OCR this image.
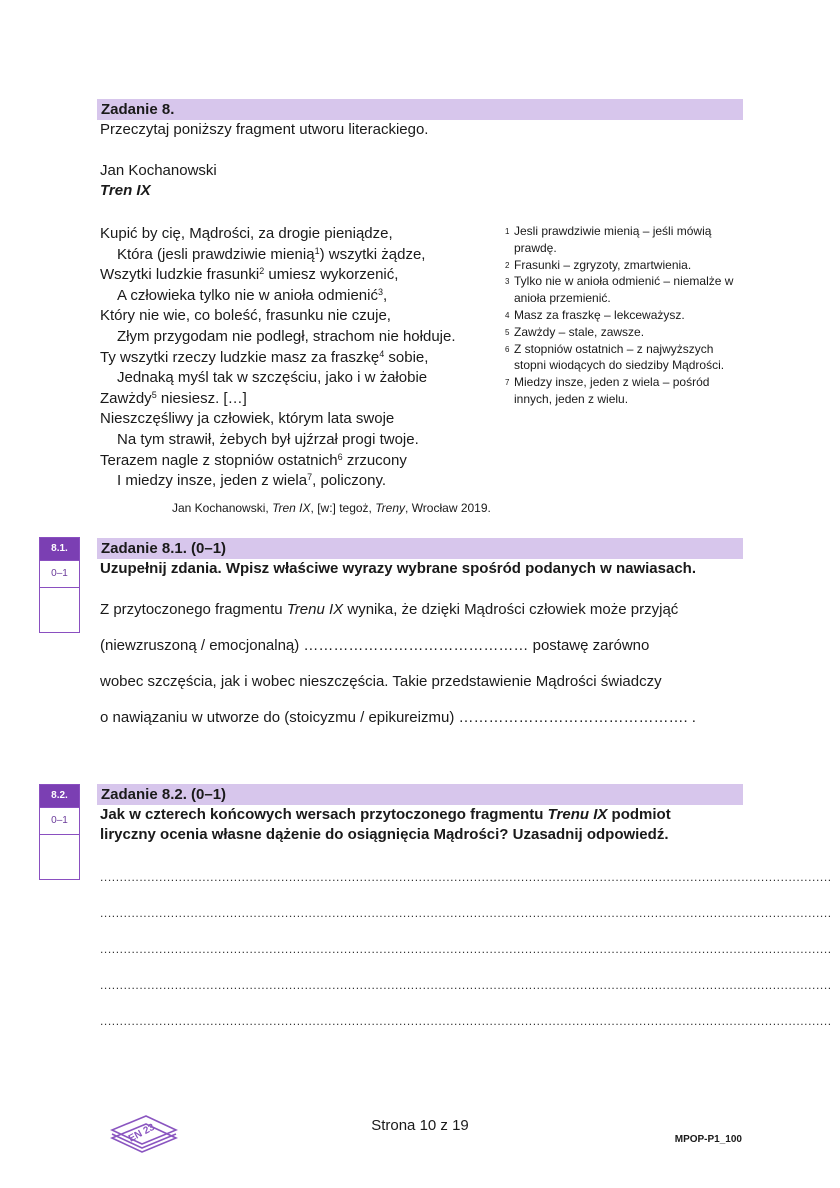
Zadanie 8.
Przeczytaj poniższy fragment utworu literackiego.
Jan Kochanowski
Tren IX
Kupić by cię, Mądrości, za drogie pieniądze,
Która (jesli prawdziwie mienią$^1$) wszytki żądze,
Wszytki ludzkie frasunki$^2$ umiesz wykorzenić,
A człowieka tylko nie w anioła odmienić$^3$,
Który nie wie, co boleść, frasunku nie czuje,
Złym przygodam nie podległ, strachom nie hołduje.
Ty wszytki rzeczy ludzkie masz za fraszkę$^4$ sobie,
Jednaką myśl tak w szczęściu, jako i w żałobie
Zawżdy$^5$ niesiesz. […]
Nieszczęśliwy ja człowiek, którym lata swoje
Na tym strawił, żebych był ujźrzał progi twoje.
Terazem nagle z stopniów ostatnich$^6$ zrzucony
I miedzy insze, jeden z wiela$^7$, policzony.
1 Jesli prawdziwie mienią – jeśli mówią prawdę.
2 Frasunki – zgryzoty, zmartwienia.
3 Tylko nie w anioła odmienić – niemalże w anioła przemienić.
4 Masz za fraszkę – lekceważysz.
5 Zawżdy – stale, zawsze.
6 Z stopniów ostatnich – z najwyższych stopni wiodących do siedziby Mądrości.
7 Miedzy insze, jeden z wiela – pośród innych, jeden z wielu.
Jan Kochanowski, Tren IX, [w:] tegoż, Treny, Wrocław 2019.
8.1.
0–1
Zadanie 8.1. (0–1)
Uzupełnij zdania. Wpisz właściwe wyrazy wybrane spośród podanych w nawiasach.
Z przytoczonego fragmentu Trenu IX wynika, że dzięki Mądrości człowiek może przyjąć
(niewzruszoną / emocjonalną) ……………………………………… postawę zarówno
wobec szczęścia, jak i wobec nieszczęścia. Takie przedstawienie Mądrości świadczy
o nawiązaniu w utworze do (stoicyzmu / epikureizmu) ………………………………………. .
8.2.
0–1
Zadanie 8.2. (0–1)
Jak w czterech końcowych wersach przytoczonego fragmentu Trenu IX podmiot
liryczny ocenia własne dążenie do osiągnięcia Mądrości? Uzasadnij odpowiedź.
..........................................................................................................................................................................................
..........................................................................................................................................................................................
..........................................................................................................................................................................................
..........................................................................................................................................................................................
..........................................................................................................................................................................................
EN 23	Strona 10 z 19
MPOP-P1_100
